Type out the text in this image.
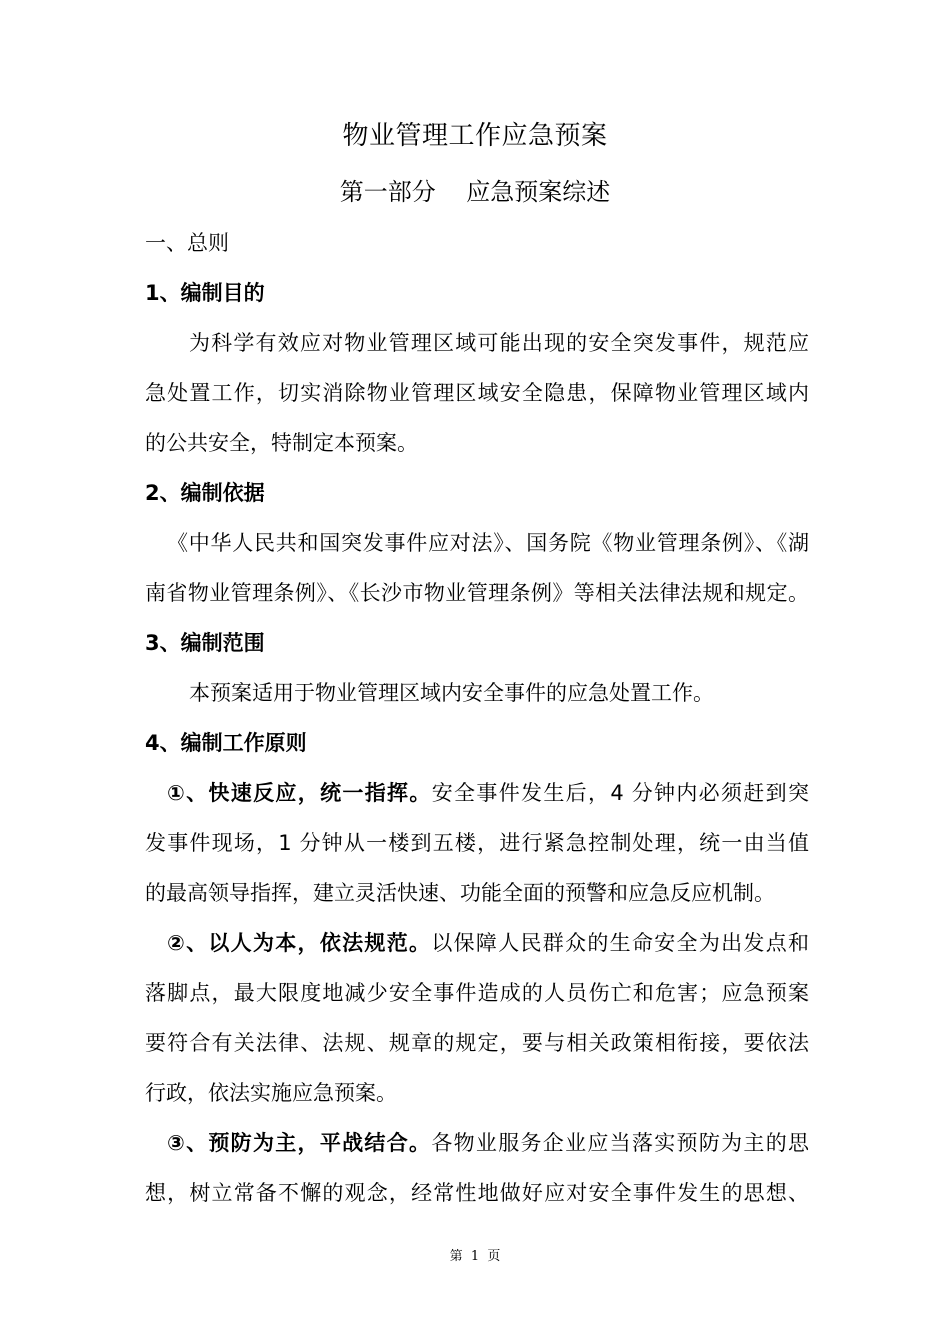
物业管理工作应急预案
第一部分    应急预案综述
一、总则
1、编制目的
为科学有效应对物业管理区域可能出现的安全突发事件，规范应
急处置工作，切实消除物业管理区域安全隐患，保障物业管理区域内
的公共安全，特制定本预案。
2、编制依据
《中华人民共和国突发事件应对法》、国务院《物业管理条例》、《湖
南省物业管理条例》、《长沙市物业管理条例》等相关法律法规和规定。
3、编制范围
本预案适用于物业管理区域内安全事件的应急处置工作。
4、编制工作原则
①、快速反应，统一指挥。安全事件发生后，4 分钟内必须赶到突
发事件现场，1 分钟从一楼到五楼，进行紧急控制处理，统一由当值
的最高领导指挥，建立灵活快速、功能全面的预警和应急反应机制。
②、以人为本，依法规范。以保障人民群众的生命安全为出发点和
落脚点，最大限度地减少安全事件造成的人员伤亡和危害；应急预案
要符合有关法律、法规、规章的规定，要与相关政策相衔接，要依法
行政，依法实施应急预案。
③、预防为主，平战结合。各物业服务企业应当落实预防为主的思
想，树立常备不懈的观念，经常性地做好应对安全事件发生的思想、
第  1  页
